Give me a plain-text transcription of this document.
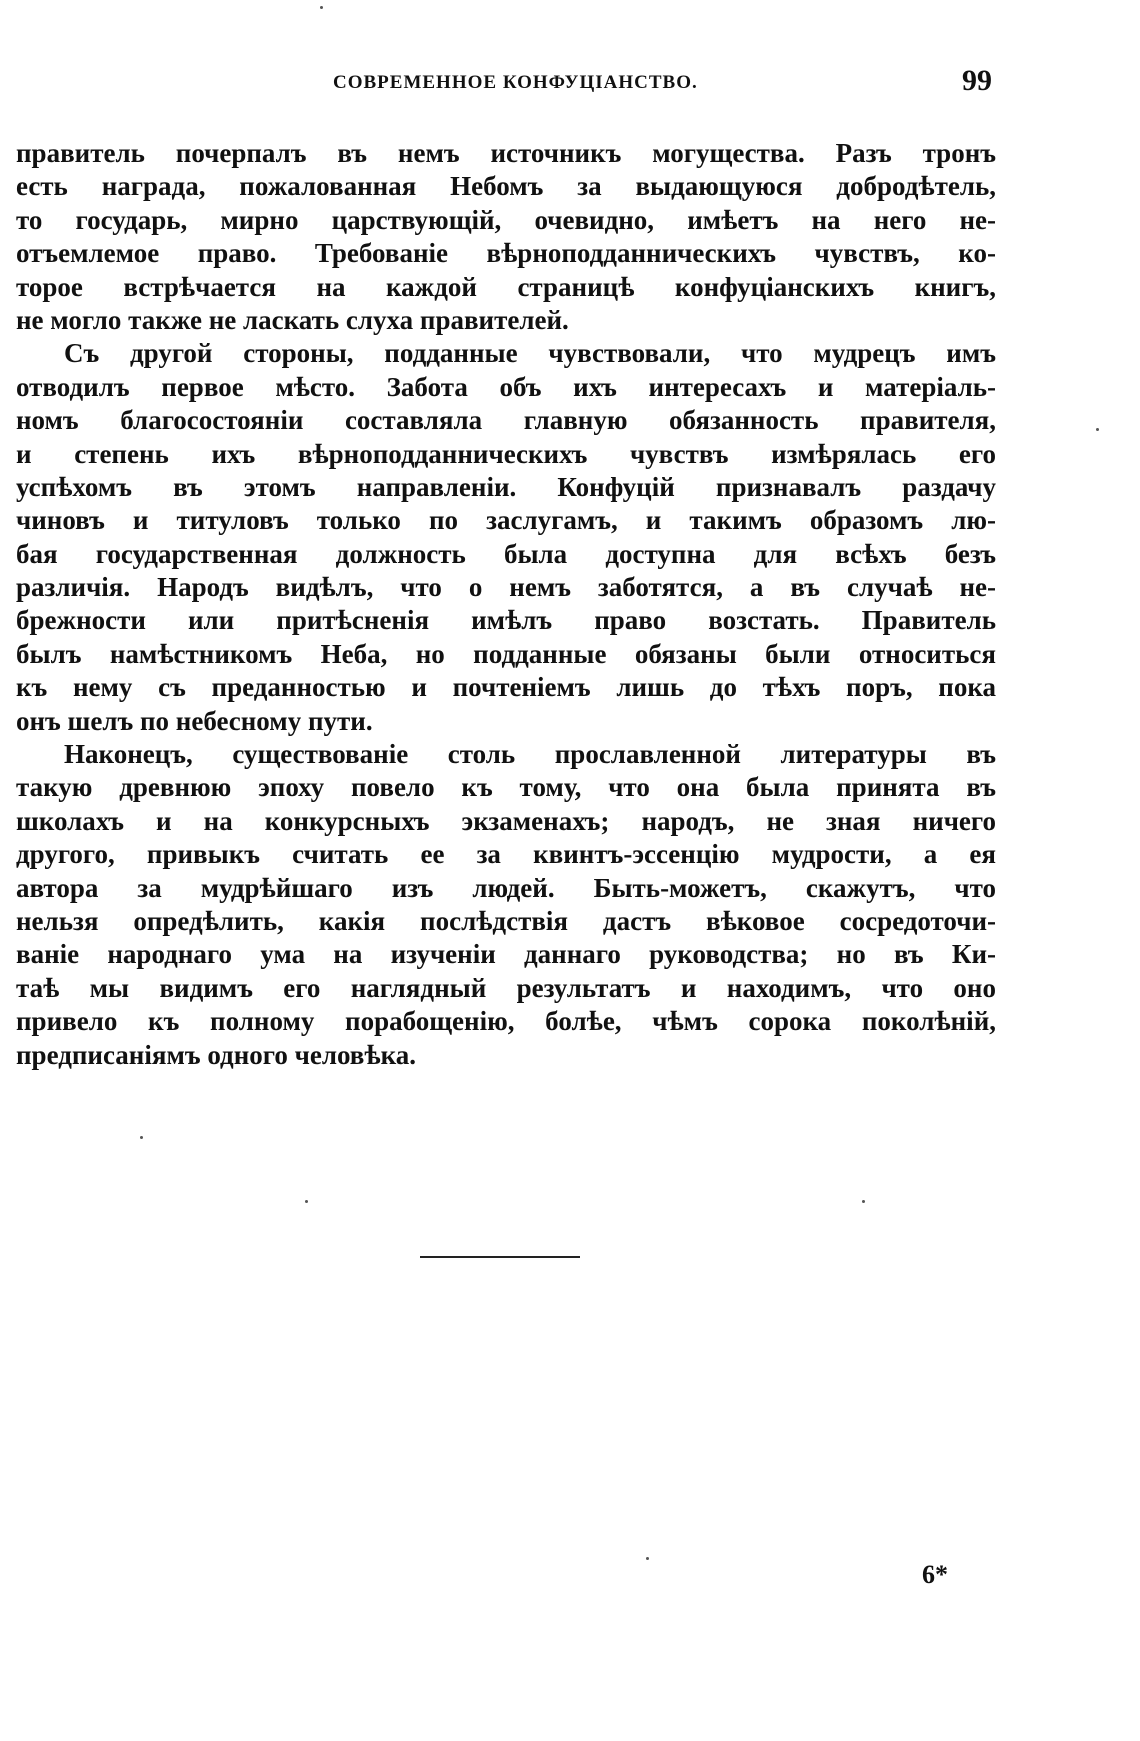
СОВРЕМЕННОЕ КОНФУЦІАНСТВО.	99
правитель почерпалъ въ немъ источникъ могущества. Разъ тронъ
есть награда, пожалованная Небомъ за выдающуюся добродѣтель,
то государь, мирно царствующій, очевидно, имѣетъ на него не-
отъемлемое право. Требованіе вѣрноподданническихъ чувствъ, ко-
торое встрѣчается на каждой страницѣ конфуціанскихъ книгъ,
не могло также не ласкать слуха правителей.
Съ другой стороны, подданные чувствовали, что мудрецъ имъ
отводилъ первое мѣсто. Забота объ ихъ интересахъ и матеріаль-
номъ благосостояніи составляла главную обязанность правителя,
и степень ихъ вѣрноподданническихъ чувствъ измѣрялась его
успѣхомъ въ этомъ направленіи. Конфуцій признавалъ раздачу
чиновъ и титуловъ только по заслугамъ, и такимъ образомъ лю-
бая государственная должность была доступна для всѣхъ безъ
различія. Народъ видѣлъ, что о немъ заботятся, а въ случаѣ не-
брежности или притѣсненія имѣлъ право возстать. Правитель
былъ намѣстникомъ Неба, но подданные обязаны были относиться
къ нему съ преданностью и почтеніемъ лишь до тѣхъ поръ, пока
онъ шелъ по небесному пути.
Наконецъ, существованіе столь прославленной литературы въ
такую древнюю эпоху повело къ тому, что она была принята въ
школахъ и на конкурсныхъ экзаменахъ; народъ, не зная ничего
другого, привыкъ считать ее за квинтъ-эссенцію мудрости, а ея
автора за мудрѣйшаго изъ людей. Быть-можетъ, скажутъ, что
нельзя опредѣлить, какія послѣдствія дастъ вѣковое сосредоточи-
ваніе народнаго ума на изученіи даннаго руководства; но въ Ки-
таѣ мы видимъ его наглядный результатъ и находимъ, что оно
привело къ полному порабощенію, болѣе, чѣмъ сорока поколѣній,
предписаніямъ одного человѣка.
6*
